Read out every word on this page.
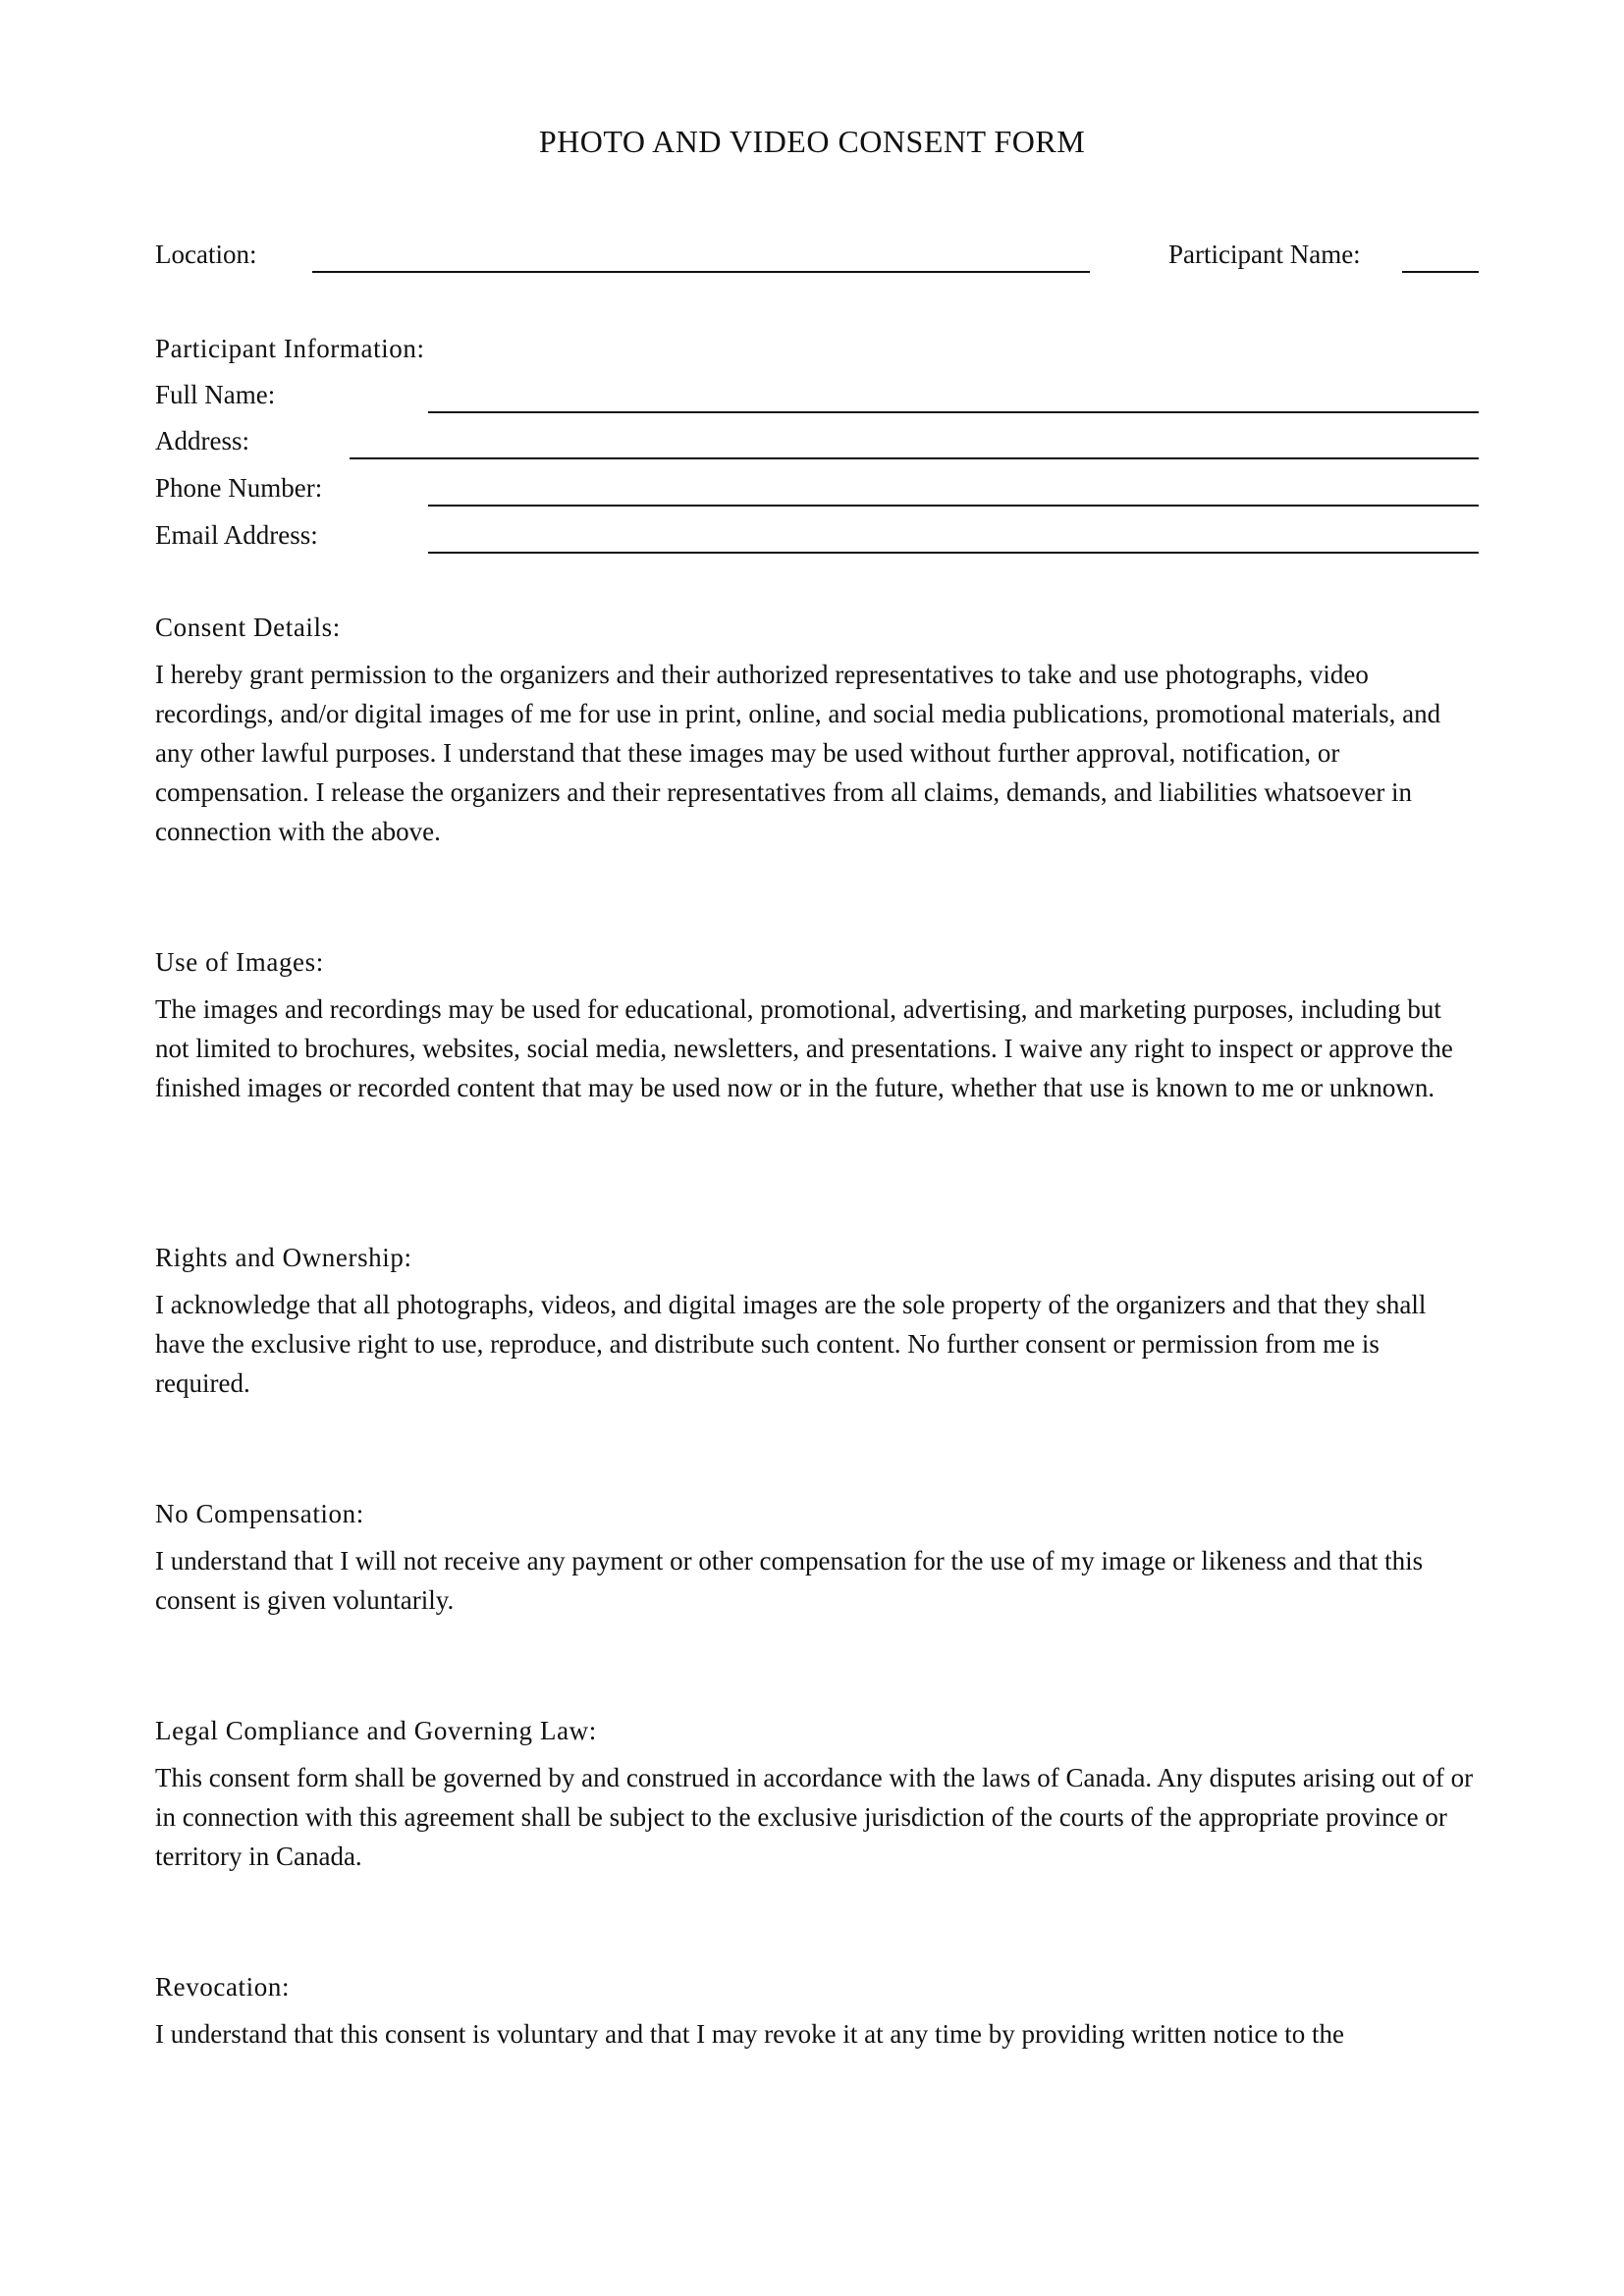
PHOTO AND VIDEO CONSENT FORM
Location:	Participant Name:
Participant Information:
Full Name:
Address:
Phone Number:
Email Address:
Consent Details:
I hereby grant permission to the organizers and their authorized representatives to take and use photographs, video recordings, and/or digital images of me for use in print, online, and social media publications, promotional materials, and any other lawful purposes. I understand that these images may be used without further approval, notification, or compensation. I release the organizers and their representatives from all claims, demands, and liabilities whatsoever in connection with the above.
Use of Images:
The images and recordings may be used for educational, promotional, advertising, and marketing purposes, including but not limited to brochures, websites, social media, newsletters, and presentations. I waive any right to inspect or approve the finished images or recorded content that may be used now or in the future, whether that use is known to me or unknown.
Rights and Ownership:
I acknowledge that all photographs, videos, and digital images are the sole property of the organizers and that they shall have the exclusive right to use, reproduce, and distribute such content. No further consent or permission from me is required.
No Compensation:
I understand that I will not receive any payment or other compensation for the use of my image or likeness and that this consent is given voluntarily.
Legal Compliance and Governing Law:
This consent form shall be governed by and construed in accordance with the laws of Canada. Any disputes arising out of or in connection with this agreement shall be subject to the exclusive jurisdiction of the courts of the appropriate province or territory in Canada.
Revocation:
I understand that this consent is voluntary and that I may revoke it at any time by providing written notice to the
